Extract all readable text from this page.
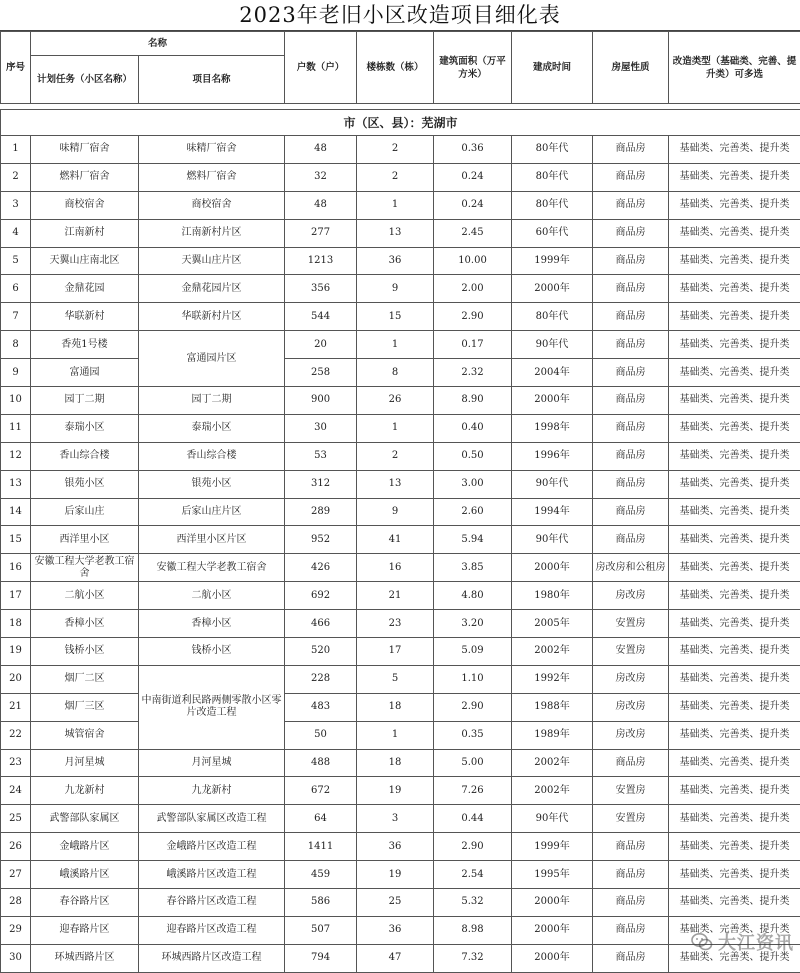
2023年老旧小区改造项目细化表
序号	名称		户数（户）	楼栋数（栋）	建筑面积（万平方米）	建成时间	房屋性质	改造类型（基础类、完善、提升类）可多选
	计划任务（小区名称）	项目名称						

市（区、县）：芜湖市								
1	味精厂宿舍	味精厂宿舍	48	2	0.36	80年代	商品房	基础类、完善类、提升类
2	燃料厂宿舍	燃料厂宿舍	32	2	0.24	80年代	商品房	基础类、完善类、提升类
3	商校宿舍	商校宿舍	48	1	0.24	80年代	商品房	基础类、完善类、提升类
4	江南新村	江南新村片区	277	13	2.45	60年代	商品房	基础类、完善类、提升类
5	天翼山庄南北区	天翼山庄片区	1213	36	10.00	1999年	商品房	基础类、完善类、提升类
6	金鼎花园	金鼎花园片区	356	9	2.00	2000年	商品房	基础类、完善类、提升类
7	华联新村	华联新村片区	544	15	2.90	80年代	商品房	基础类、完善类、提升类
8	香苑1号楼	富通园片区	20	1	0.17	90年代	商品房	基础类、完善类、提升类
9	富通园		258	8	2.32	2004年	商品房	基础类、完善类、提升类
10	园丁二期	园丁二期	900	26	8.90	2000年	商品房	基础类、完善类、提升类
11	泰瑞小区	泰瑞小区	30	1	0.40	1998年	商品房	基础类、完善类、提升类
12	香山综合楼	香山综合楼	53	2	0.50	1996年	商品房	基础类、完善类、提升类
13	银苑小区	银苑小区	312	13	3.00	90年代	商品房	基础类、完善类、提升类
14	后家山庄	后家山庄片区	289	9	2.60	1994年	商品房	基础类、完善类、提升类
15	西洋里小区	西洋里小区片区	952	41	5.94	90年代	商品房	基础类、完善类、提升类
16	安徽工程大学老教工宿舍	安徽工程大学老教工宿舍	426	16	3.85	2000年	房改房和公租房	基础类、完善类、提升类
17	二航小区	二航小区	692	21	4.80	1980年	房改房	基础类、完善类、提升类
18	香樟小区	香樟小区	466	23	3.20	2005年	安置房	基础类、完善类、提升类
19	钱桥小区	钱桥小区	520	17	5.09	2002年	安置房	基础类、完善类、提升类
20	烟厂二区	中南街道利民路两侧零散小区零片改造工程	228	5	1.10	1992年	房改房	基础类、完善类、提升类
21	烟厂三区		483	18	2.90	1988年	房改房	基础类、完善类、提升类
22	城管宿舍		50	1	0.35	1989年	房改房	基础类、完善类、提升类
23	月河星城	月河星城	488	18	5.00	2002年	商品房	基础类、完善类、提升类
24	九龙新村	九龙新村	672	19	7.26	2002年	安置房	基础类、完善类、提升类
25	武警部队家属区	武警部队家属区改造工程	64	3	0.44	90年代	安置房	基础类、完善类、提升类
26	金峨路片区	金峨路片区改造工程	1411	36	2.90	1999年	商品房	基础类、完善类、提升类
27	峨溪路片区	峨溪路片区改造工程	459	19	2.54	1995年	商品房	基础类、完善类、提升类
28	春谷路片区	春谷路片区改造工程	586	25	5.32	2000年	商品房	基础类、完善类、提升类
29	迎春路片区	迎春路片区改造工程	507	36	8.98	2000年	商品房	基础类、完善类、提升类
30	环城西路片区	环城西路片区改造工程	794	47	7.32	2000年	商品房	基础类、完善类、提升类
大江资讯
